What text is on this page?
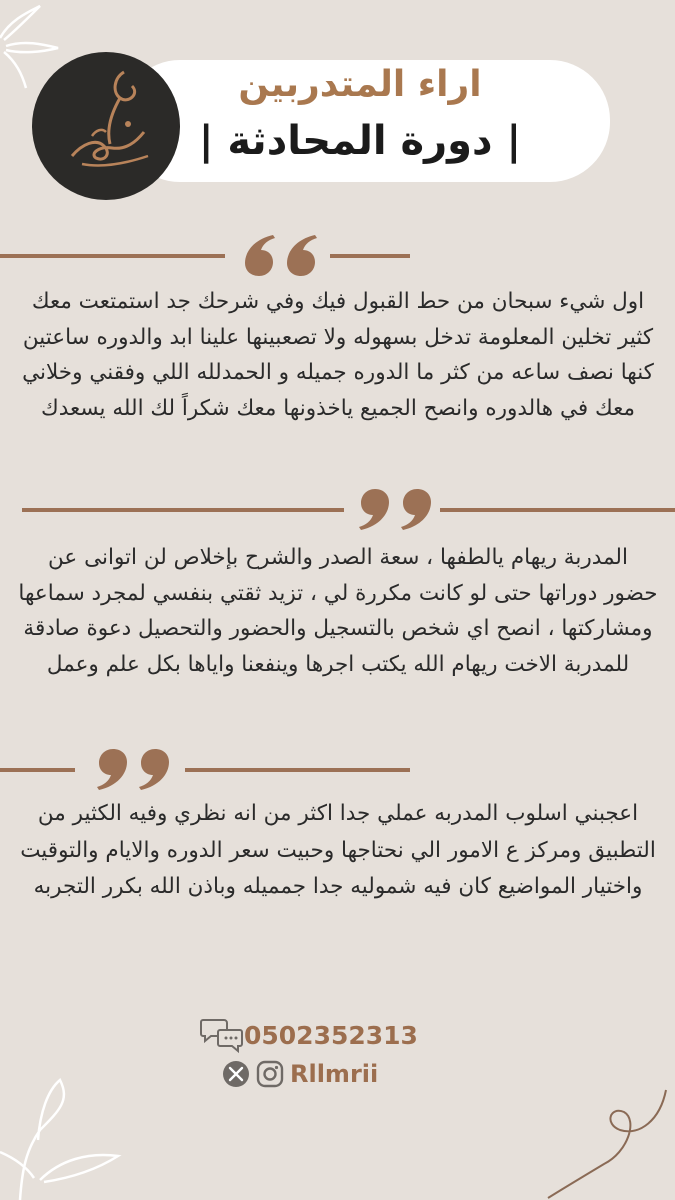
اراء المتدربين
| دورة المحادثة |
اول شيء سبحان من حط القبول فيك وفي شرحك جد استمتعت معك كثير تخلين المعلومة تدخل بسهوله ولا تصعبينها علينا ابد والدوره ساعتين كنها نصف ساعه من كثر ما الدوره جميله و الحمدلله اللي وفقني وخلاني معك في هالدوره وانصح الجميع ياخذونها معك شكراً لك الله يسعدك
المدربة ريهام يالطفها ، سعة الصدر والشرح بإخلاص لن اتوانى عن حضور دوراتها حتى لو كانت مكررة لي ، تزيد ثقتي بنفسي لمجرد سماعها ومشاركتها ، انصح اي شخص بالتسجيل والحضور والتحصيل دعوة صادقة للمدربة الاخت ريهام الله يكتب اجرها وينفعنا واياها بكل علم وعمل
اعجبني اسلوب المدربه عملي جدا اكثر من انه نظري وفيه الكثير من التطبيق ومركز ع الامور الي نحتاجها وحبيت سعر الدوره والايام والتوقيت واختيار المواضيع كان فيه شموليه جدا جمميله وباذن الله بكرر التجربه
0502352313
Rllmrii
